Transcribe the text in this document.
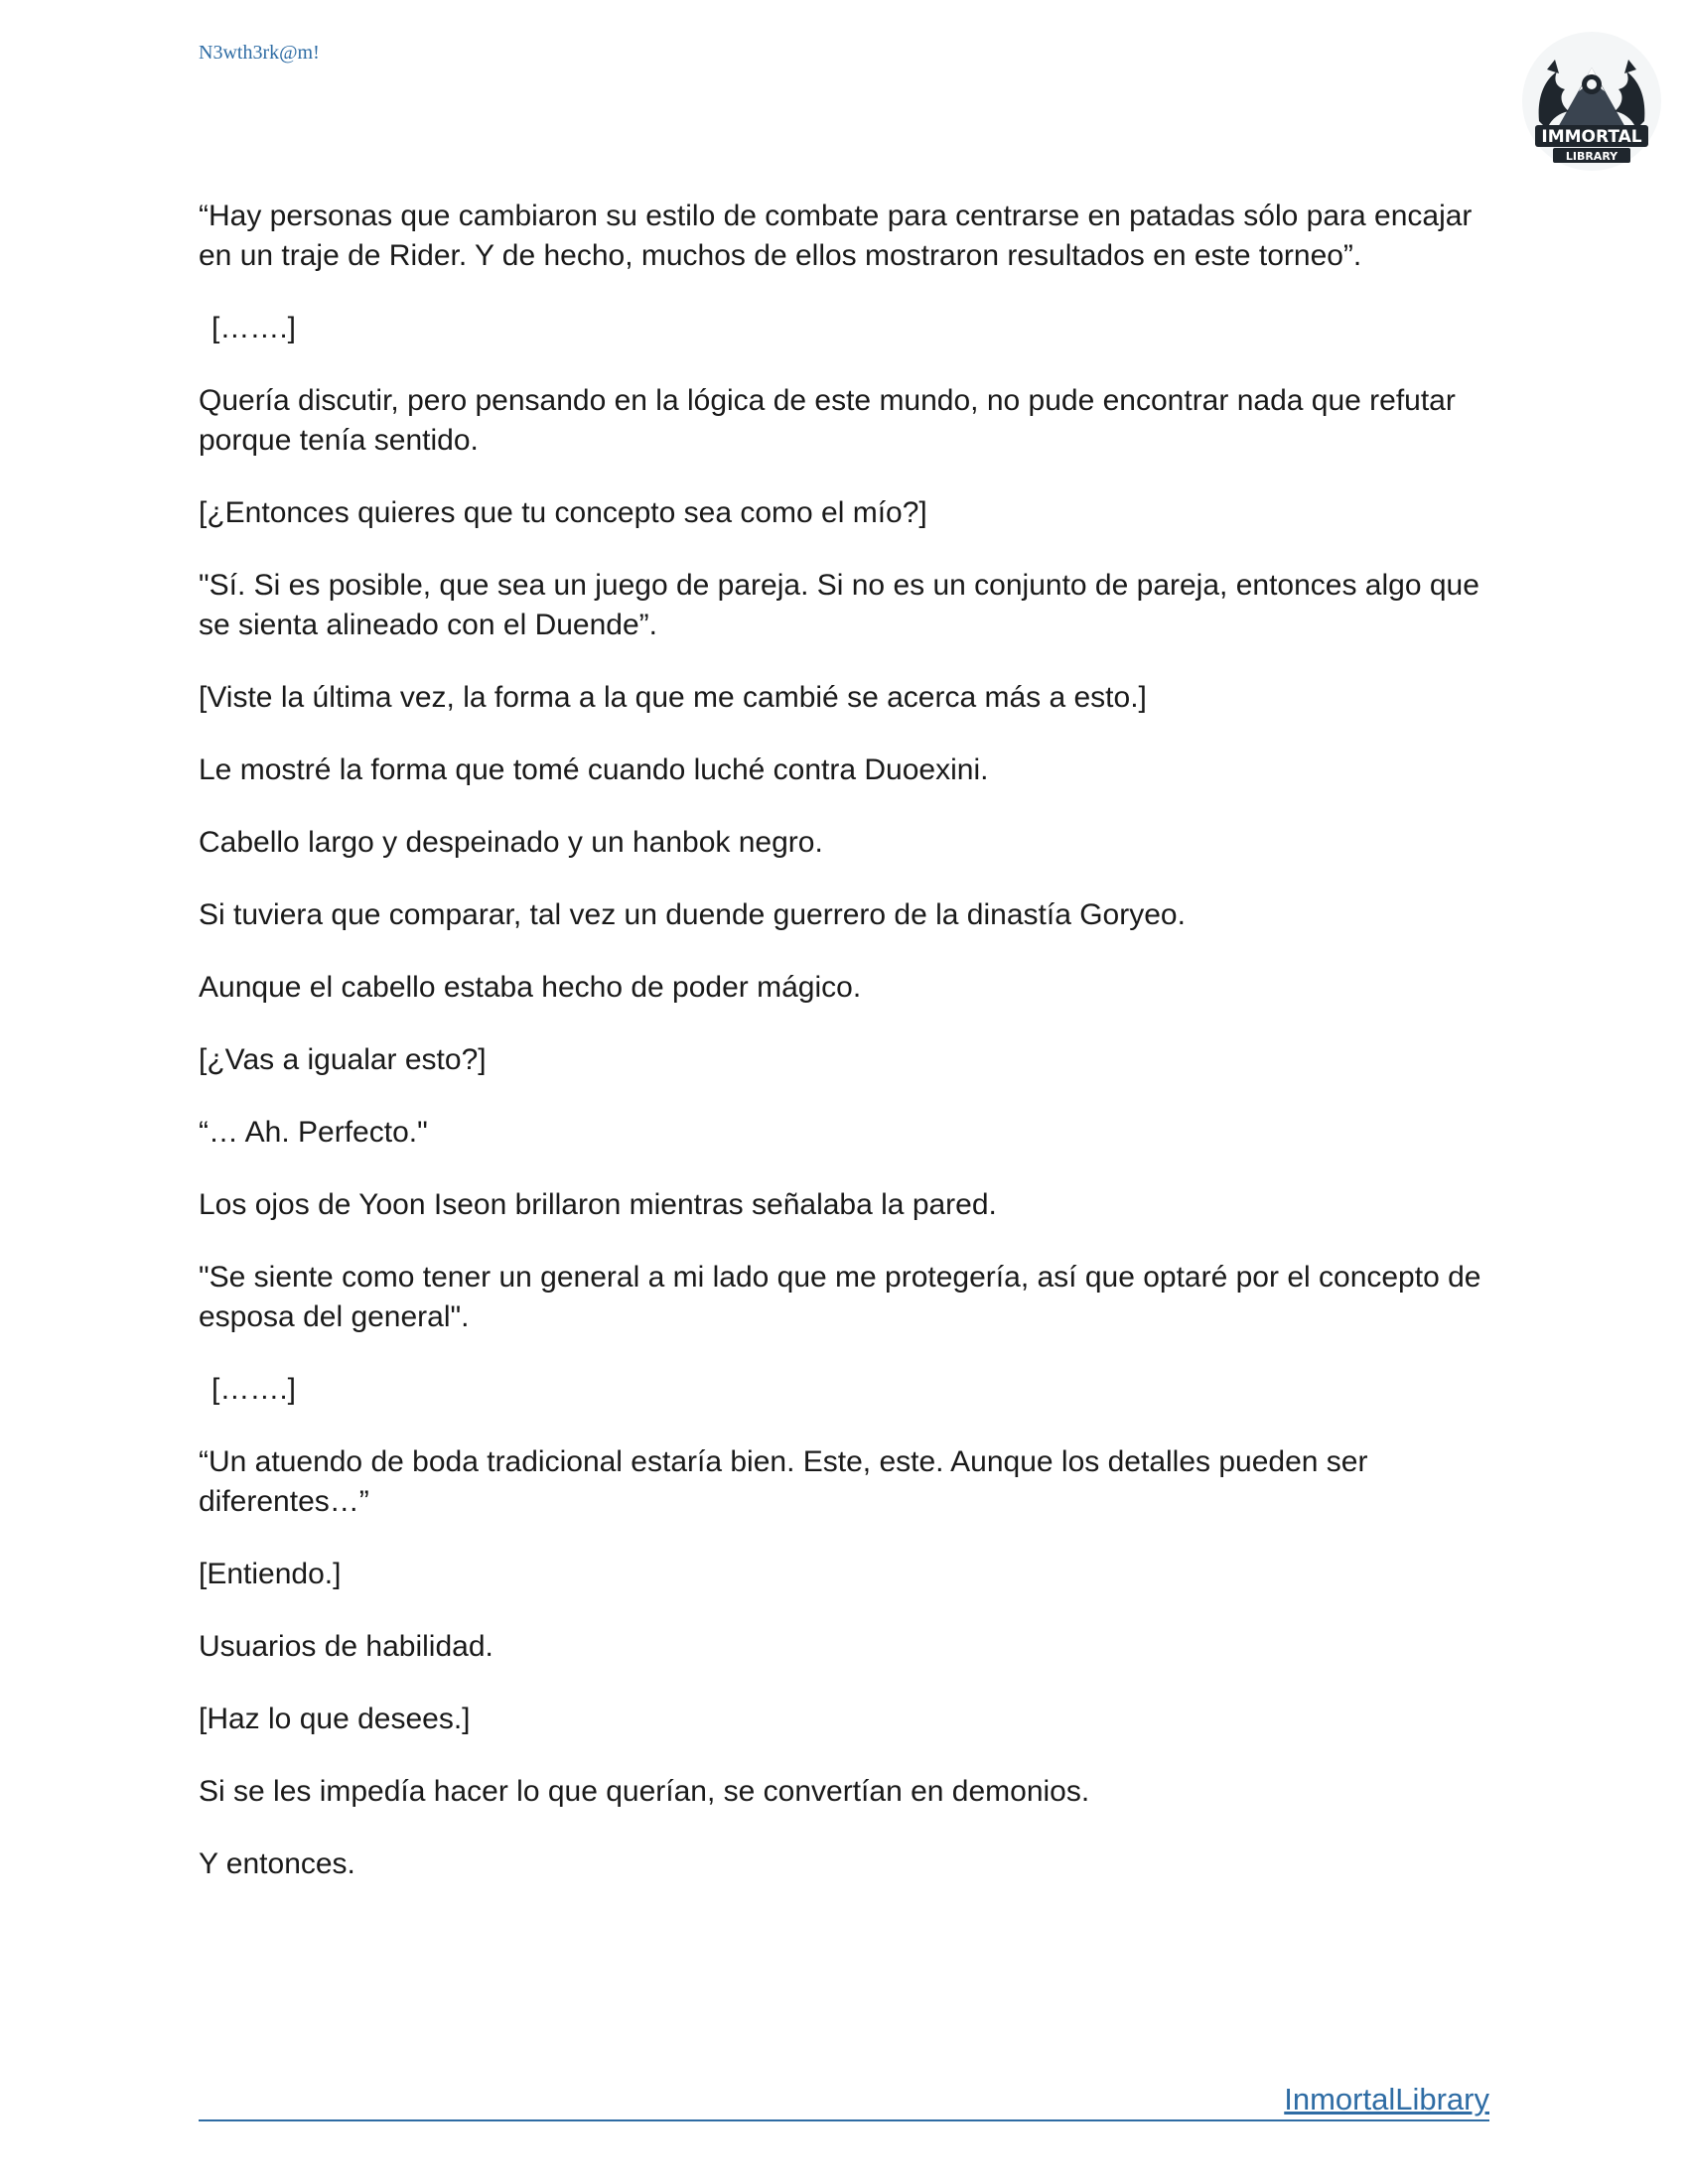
N3wth3rk@m!
IMMORTAL
LIBRARY

“Hay personas que cambiaron su estilo de combate para centrarse en patadas sólo para encajar en un traje de Rider. Y de hecho, muchos de ellos mostraron resultados en este torneo”.

[…….]

Quería discutir, pero pensando en la lógica de este mundo, no pude encontrar nada que refutar porque tenía sentido.

[¿Entonces quieres que tu concepto sea como el mío?]

"Sí. Si es posible, que sea un juego de pareja. Si no es un conjunto de pareja, entonces algo que se sienta alineado con el Duende”.

[Viste la última vez, la forma a la que me cambié se acerca más a esto.]

Le mostré la forma que tomé cuando luché contra Duoexini.

Cabello largo y despeinado y un hanbok negro.

Si tuviera que comparar, tal vez un duende guerrero de la dinastía Goryeo.

Aunque el cabello estaba hecho de poder mágico.

[¿Vas a igualar esto?]

“… Ah. Perfecto."

Los ojos de Yoon Iseon brillaron mientras señalaba la pared.

"Se siente como tener un general a mi lado que me protegería, así que optaré por el concepto de esposa del general".

[…….]

“Un atuendo de boda tradicional estaría bien. Este, este. Aunque los detalles pueden ser diferentes…”

[Entiendo.]

Usuarios de habilidad.

[Haz lo que desees.]

Si se les impedía hacer lo que querían, se convertían en demonios.

Y entonces.

InmortalLibrary
